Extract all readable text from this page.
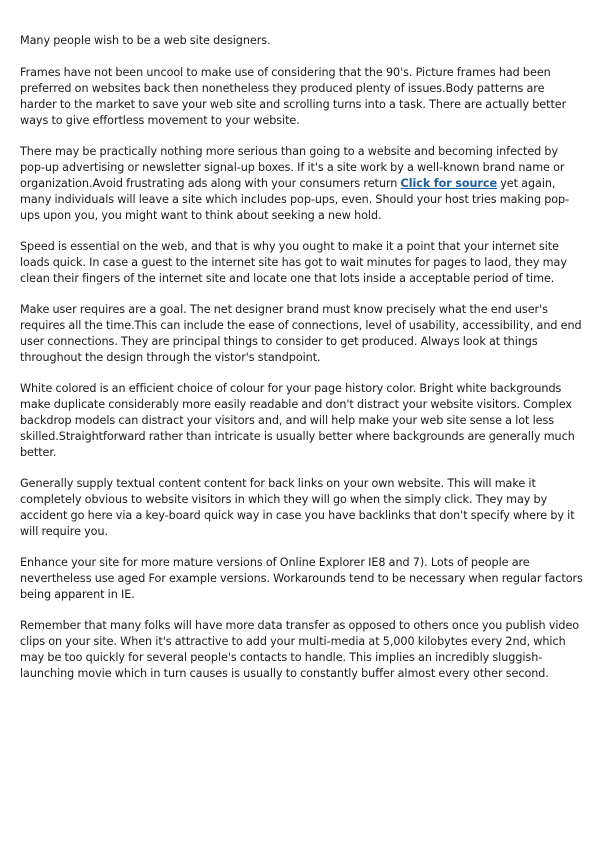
Many people wish to be a web site designers.

Frames have not been uncool to make use of considering that the 90's. Picture frames had been preferred on websites back then nonetheless they produced plenty of issues.Body patterns are harder to the market to save your web site and scrolling turns into a task. There are actually better ways to give effortless movement to your website.

There may be practically nothing more serious than going to a website and becoming infected by pop-up advertising or newsletter signal-up boxes. If it's a site work by a well-known brand name or organization.Avoid frustrating ads along with your consumers return Click for source yet again, many individuals will leave a site which includes pop-ups, even. Should your host tries making pop-ups upon you, you might want to think about seeking a new hold.

Speed is essential on the web, and that is why you ought to make it a point that your internet site loads quick. In case a guest to the internet site has got to wait minutes for pages to laod, they may clean their fingers of the internet site and locate one that lots inside a acceptable period of time.

Make user requires are a goal. The net designer brand must know precisely what the end user's requires all the time.This can include the ease of connections, level of usability, accessibility, and end user connections. They are principal things to consider to get produced. Always look at things throughout the design through the vistor's standpoint.

White colored is an efficient choice of colour for your page history color. Bright white backgrounds make duplicate considerably more easily readable and don't distract your website visitors. Complex backdrop models can distract your visitors and, and will help make your web site sense a lot less skilled.Straightforward rather than intricate is usually better where backgrounds are generally much better.

Generally supply textual content content for back links on your own website. This will make it completely obvious to website visitors in which they will go when the simply click. They may by accident go here via a key-board quick way in case you have backlinks that don't specify where by it will require you.

Enhance your site for more mature versions of Online Explorer IE8 and 7). Lots of people are nevertheless use aged For example versions. Workarounds tend to be necessary when regular factors being apparent in IE.

Remember that many folks will have more data transfer as opposed to others once you publish video clips on your site. When it's attractive to add your multi-media at 5,000 kilobytes every 2nd, which may be too quickly for several people's contacts to handle. This implies an incredibly sluggish-launching movie which in turn causes is usually to constantly buffer almost every other second.
